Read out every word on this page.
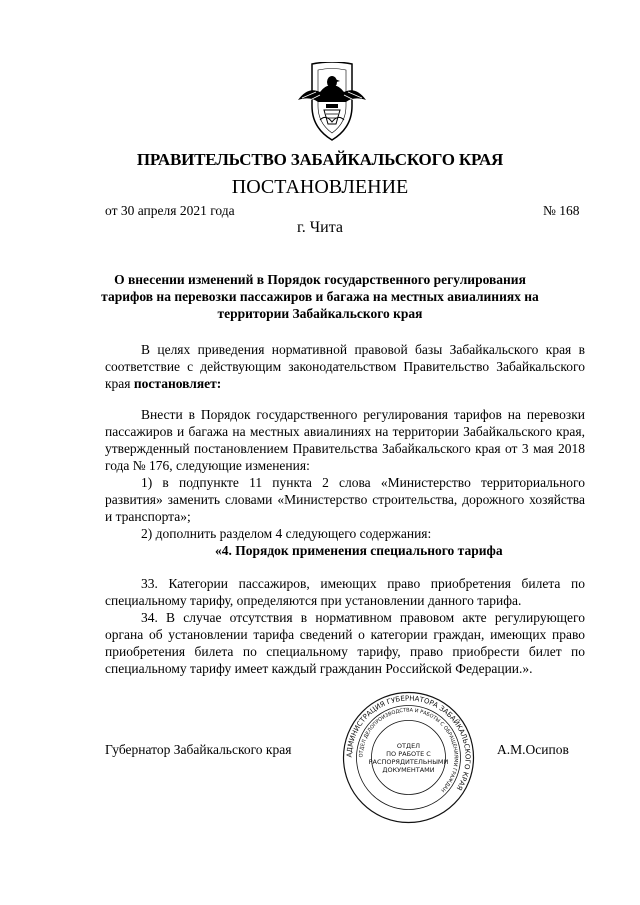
ПРАВИТЕЛЬСТВО ЗАБАЙКАЛЬСКОГО КРАЯ
ПОСТАНОВЛЕНИЕ
от 30 апреля 2021 года	№ 168
г. Чита
О внесении изменений в Порядок государственного регулирования тарифов на перевозки пассажиров и багажа на местных авиалиниях на территории Забайкальского края

В целях приведения нормативной правовой базы Забайкальского края в соответствие с действующим законодательством Правительство Забайкальского края постановляет:

Внести в Порядок государственного регулирования тарифов на перевозки пассажиров и багажа на местных авиалиниях на территории Забайкальского края, утвержденный постановлением Правительства Забайкальского края от 3 мая 2018 года № 176, следующие изменения:

1) в подпункте 11 пункта 2 слова «Министерство территориального развития» заменить словами «Министерство строительства, дорожного хозяйства и транспорта»;

2) дополнить разделом 4 следующего содержания:

«4. Порядок применения специального тарифа

33. Категории пассажиров, имеющих право приобретения билета по специальному тарифу, определяются при установлении данного тарифа.

34. В случае отсутствия в нормативном правовом акте регулирующего органа об установлении тарифа сведений о категории граждан, имеющих право приобретения билета по специальному тарифу, право приобрести билет по специальному тарифу имеет каждый гражданин Российской Федерации.».

Губернатор Забайкальского края	АДМИНИСТРАЦИЯ ГУБЕРНАТОРА ЗАБАЙКАЛЬСКОГО КРАЯ
ОТДЕЛ ДЕЛОПРОИЗВОДСТВА И РАБОТЫ С ОБРАЩЕНИЯМИ ГРАЖДАН
ОТДЕЛ
ПО РАБОТЕ С
РАСПОРЯДИТЕЛЬНЫМИ
ДОКУМЕНТАМИ
А.М.Осипов
